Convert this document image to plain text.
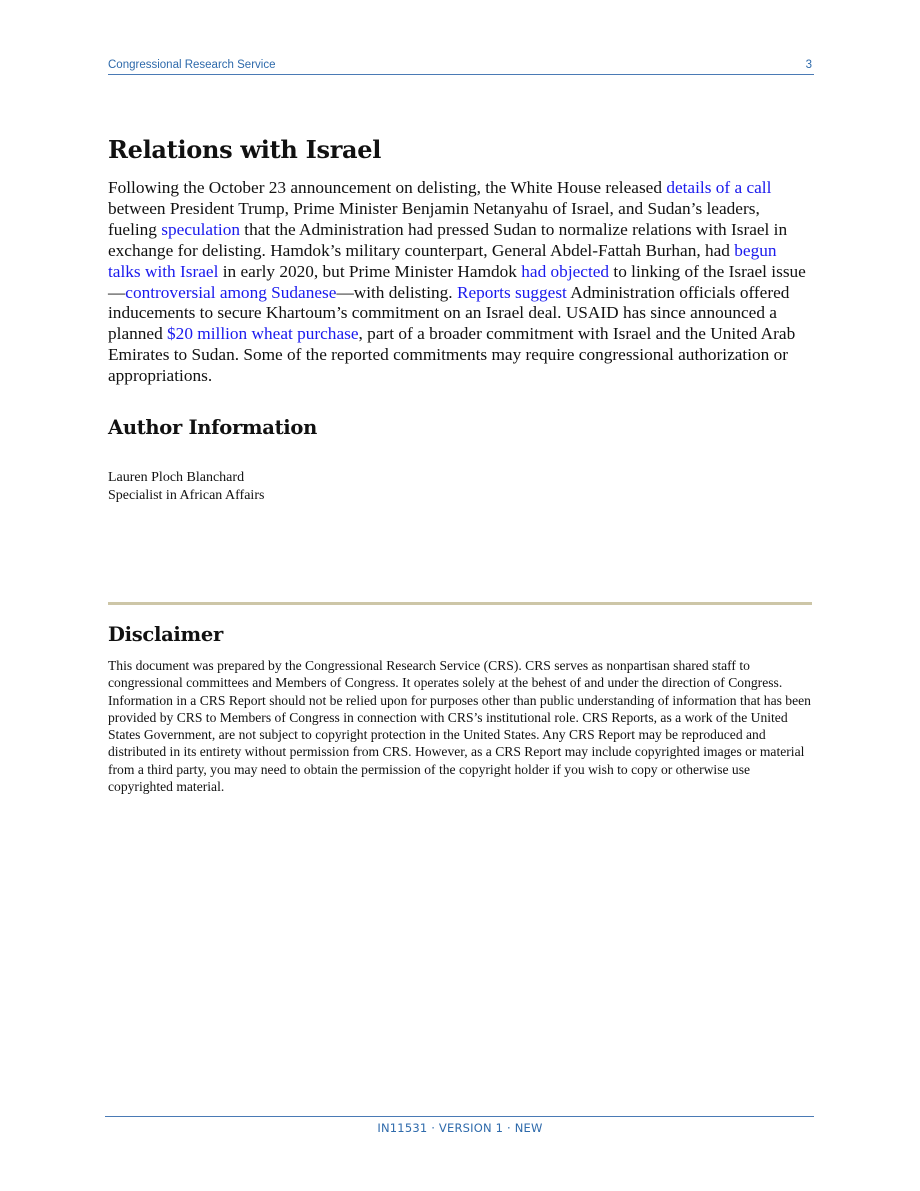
Congressional Research Service	3
Relations with Israel

Following the October 23 announcement on delisting, the White House released details of a call between President Trump, Prime Minister Benjamin Netanyahu of Israel, and Sudan’s leaders, fueling speculation that the Administration had pressed Sudan to normalize relations with Israel in exchange for delisting. Hamdok’s military counterpart, General Abdel-Fattah Burhan, had begun talks with Israel in early 2020, but Prime Minister Hamdok had objected to linking of the Israel issue—controversial among Sudanese—with delisting. Reports suggest Administration officials offered inducements to secure Khartoum’s commitment on an Israel deal. USAID has since announced a planned $20 million wheat purchase, part of a broader commitment with Israel and the United Arab Emirates to Sudan. Some of the reported commitments may require congressional authorization or appropriations.

Author Information
Lauren Ploch Blanchard
Specialist in African Affairs
Disclaimer

This document was prepared by the Congressional Research Service (CRS). CRS serves as nonpartisan shared staff to congressional committees and Members of Congress. It operates solely at the behest of and under the direction of Congress. Information in a CRS Report should not be relied upon for purposes other than public understanding of information that has been provided by CRS to Members of Congress in connection with CRS’s institutional role. CRS Reports, as a work of the United States Government, are not subject to copyright protection in the United States. Any CRS Report may be reproduced and distributed in its entirety without permission from CRS. However, as a CRS Report may include copyrighted images or material from a third party, you may need to obtain the permission of the copyright holder if you wish to copy or otherwise use copyrighted material.

IN11531 · VERSION 1 · NEW
